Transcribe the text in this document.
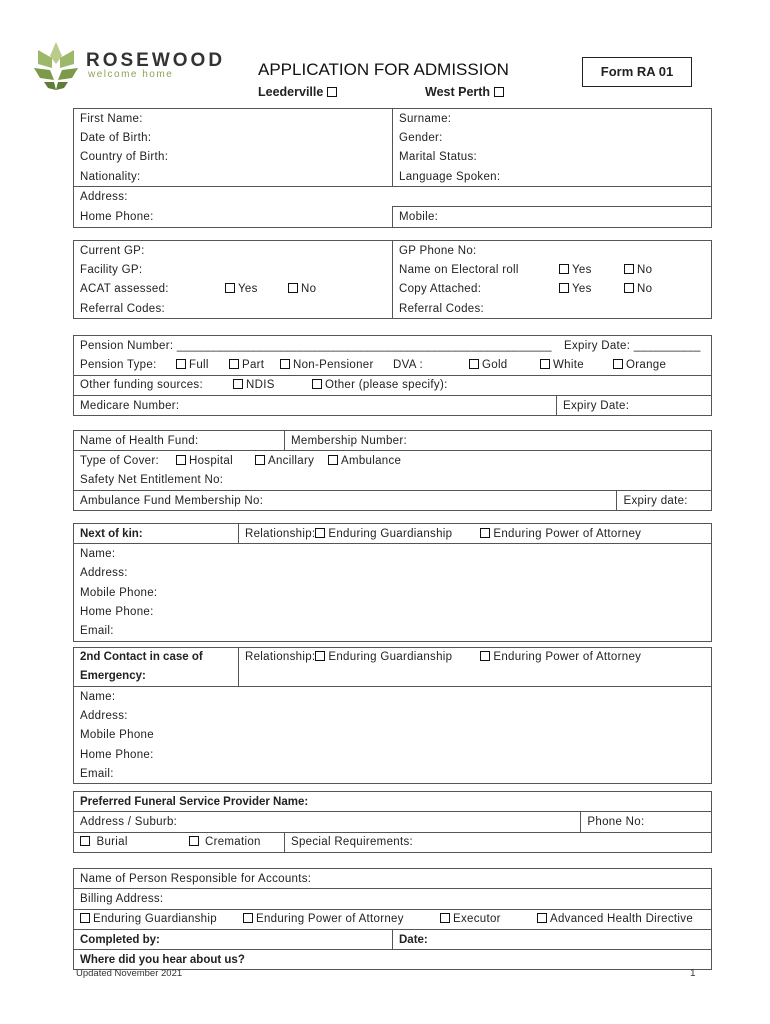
ROSEWOOD
welcome home	APPLICATION FOR ADMISSION
Leederville	West Perth
Form RA 01
First Name:	Surname:
Date of Birth:	Gender:
Country of Birth:	Marital Status:
Nationality:	Language Spoken:
Address:	
Home Phone:	Mobile:
Current GP:	GP Phone No:
Facility GP:	Name on Electoral roll Yes No
ACAT assessed: Yes No	Copy Attached: Yes No
Referral Codes:	Referral Codes:
Pension Number: ________________________________________________________ Expiry Date: __________
Pension Type:	Full	Part Non-Pensioner DVA :	Gold	White	Orange
Other funding sources:	NDIS	Other (please specify):
Medicare Number:	Expiry Date:
Name of Health Fund:	Membership Number:	
Type of Cover: Hospital Ancillary Ambulance		
Safety Net Entitlement No:		
Ambulance Fund Membership No:		Expiry date:
Next of kin:	Relationship: Enduring Guardianship	Enduring Power of Attorney
Name:
Address:
Mobile Phone:
Home Phone:
Email:
2nd Contact in case of
Emergency:	Relationship: Enduring Guardianship	Enduring Power of Attorney
Name:
Address:
Mobile Phone
Home Phone:
Email:
Preferred Funeral Service Provider Name:		
Address / Suburb:		Phone No:
Burial Cremation	Special Requirements:	
Name of Person Responsible for Accounts:
Billing Address:
Enduring Guardianship	Enduring Power of Attorney	Executor	Advanced Health Directive
Completed by:	Date:
Where did you hear about us?
Updated November 2021	1
